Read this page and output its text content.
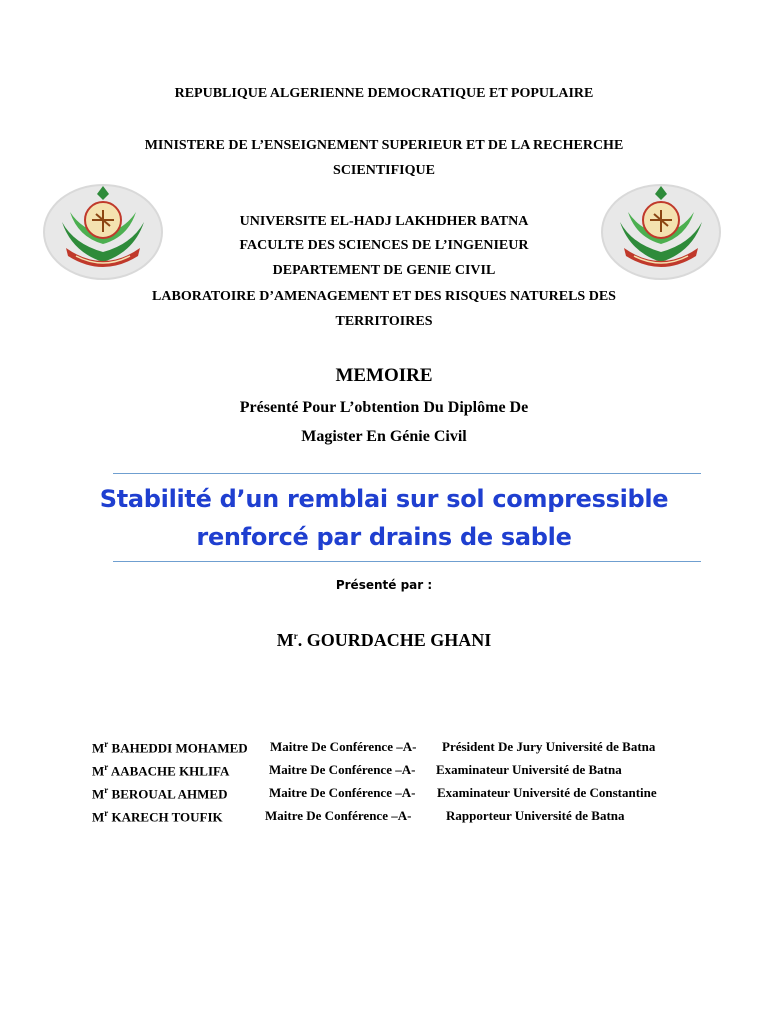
REPUBLIQUE ALGERIENNE DEMOCRATIQUE ET POPULAIRE
MINISTERE DE L’ENSEIGNEMENT SUPERIEUR ET DE LA RECHERCHE
SCIENTIFIQUE
UNIVERSITE EL-HADJ LAKHDHER BATNA
FACULTE DES SCIENCES DE L’INGENIEUR
DEPARTEMENT DE GENIE CIVIL
LABORATOIRE D’AMENAGEMENT ET DES RISQUES NATURELS DES
TERRITOIRES
MEMOIRE
Présenté Pour L’obtention Du Diplôme De
Magister En Génie Civil
Stabilité d’un remblai sur sol compressible
renforcé par drains de sable
Présenté par :
$M^r$. GOURDACHE GHANI
$M^r$ BAHEDDI MOHAMED Maitre De Conférence –A- Président De Jury Université de Batna
$M^r$ AABACHE KHLIFA	Maitre De Conférence –A- Examinateur Université de Batna
$M^r$ BEROUAL AHMED	Maitre De Conférence –A- Examinateur Université de Constantine
$M^r$ KARECH TOUFIK	Maitre De Conférence –A-	Rapporteur Université de Batna
